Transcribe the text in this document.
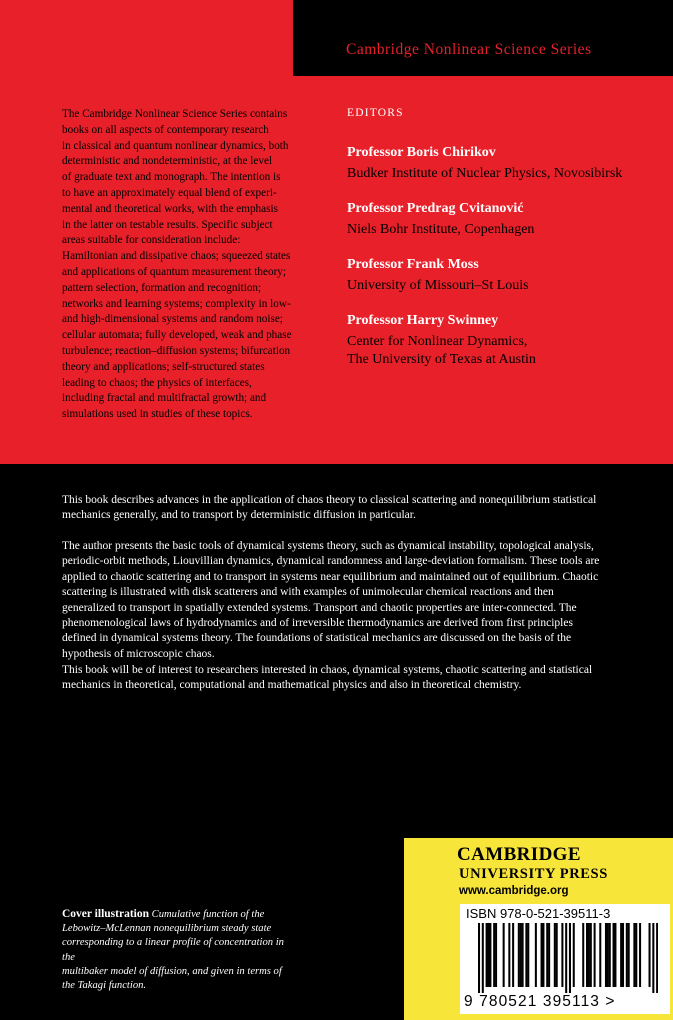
Cambridge Nonlinear Science Series

The Cambridge Nonlinear Science Series contains
books on all aspects of contemporary research
in classical and quantum nonlinear dynamics, both
deterministic and nondeterministic, at the level
of graduate text and monograph. The intention is
to have an approximately equal blend of experi-
mental and theoretical works, with the emphasis
in the latter on testable results. Specific subject
areas suitable for consideration include:
Hamiltonian and dissipative chaos; squeezed states
and applications of quantum measurement theory;
pattern selection, formation and recognition;
networks and learning systems; complexity in low-
and high-dimensional systems and random noise;
cellular automata; fully developed, weak and phase
turbulence; reaction–diffusion systems; bifurcation
theory and applications; self-structured states
leading to chaos; the physics of interfaces,
including fractal and multifractal growth; and
simulations used in studies of these topics.

EDITORS
Professor Boris Chirikov
Budker Institute of Nuclear Physics, Novosibirsk
Professor Predrag Cvitanović
Niels Bohr Institute, Copenhagen
Professor Frank Moss
University of Missouri–St Louis
Professor Harry Swinney
Center for Nonlinear Dynamics,
The University of Texas at Austin

This book describes advances in the application of chaos theory to classical scattering and nonequilibrium statistical
mechanics generally, and to transport by deterministic diffusion in particular.

The author presents the basic tools of dynamical systems theory, such as dynamical instability, topological analysis,
periodic-orbit methods, Liouvillian dynamics, dynamical randomness and large-deviation formalism. These tools are
applied to chaotic scattering and to transport in systems near equilibrium and maintained out of equilibrium. Chaotic
scattering is illustrated with disk scatterers and with examples of unimolecular chemical reactions and then
generalized to transport in spatially extended systems. Transport and chaotic properties are inter-connected. The
phenomenological laws of hydrodynamics and of irreversible thermodynamics are derived from first principles
defined in dynamical systems theory. The foundations of statistical mechanics are discussed on the basis of the
hypothesis of microscopic chaos.

This book will be of interest to researchers interested in chaos, dynamical systems, chaotic scattering and statistical
mechanics in theoretical, computational and mathematical physics and also in theoretical chemistry.

Cover illustration Cumulative function of the
Lebowitz–McLennan nonequilibrium steady state
corresponding to a linear profile of concentration in the
multibaker model of diffusion, and given in terms of
the Takagi function.

CAMBRIDGE
UNIVERSITY PRESS
www.cambridge.org
ISBN 978-0-521-39511-3
9 780521 395113 >
